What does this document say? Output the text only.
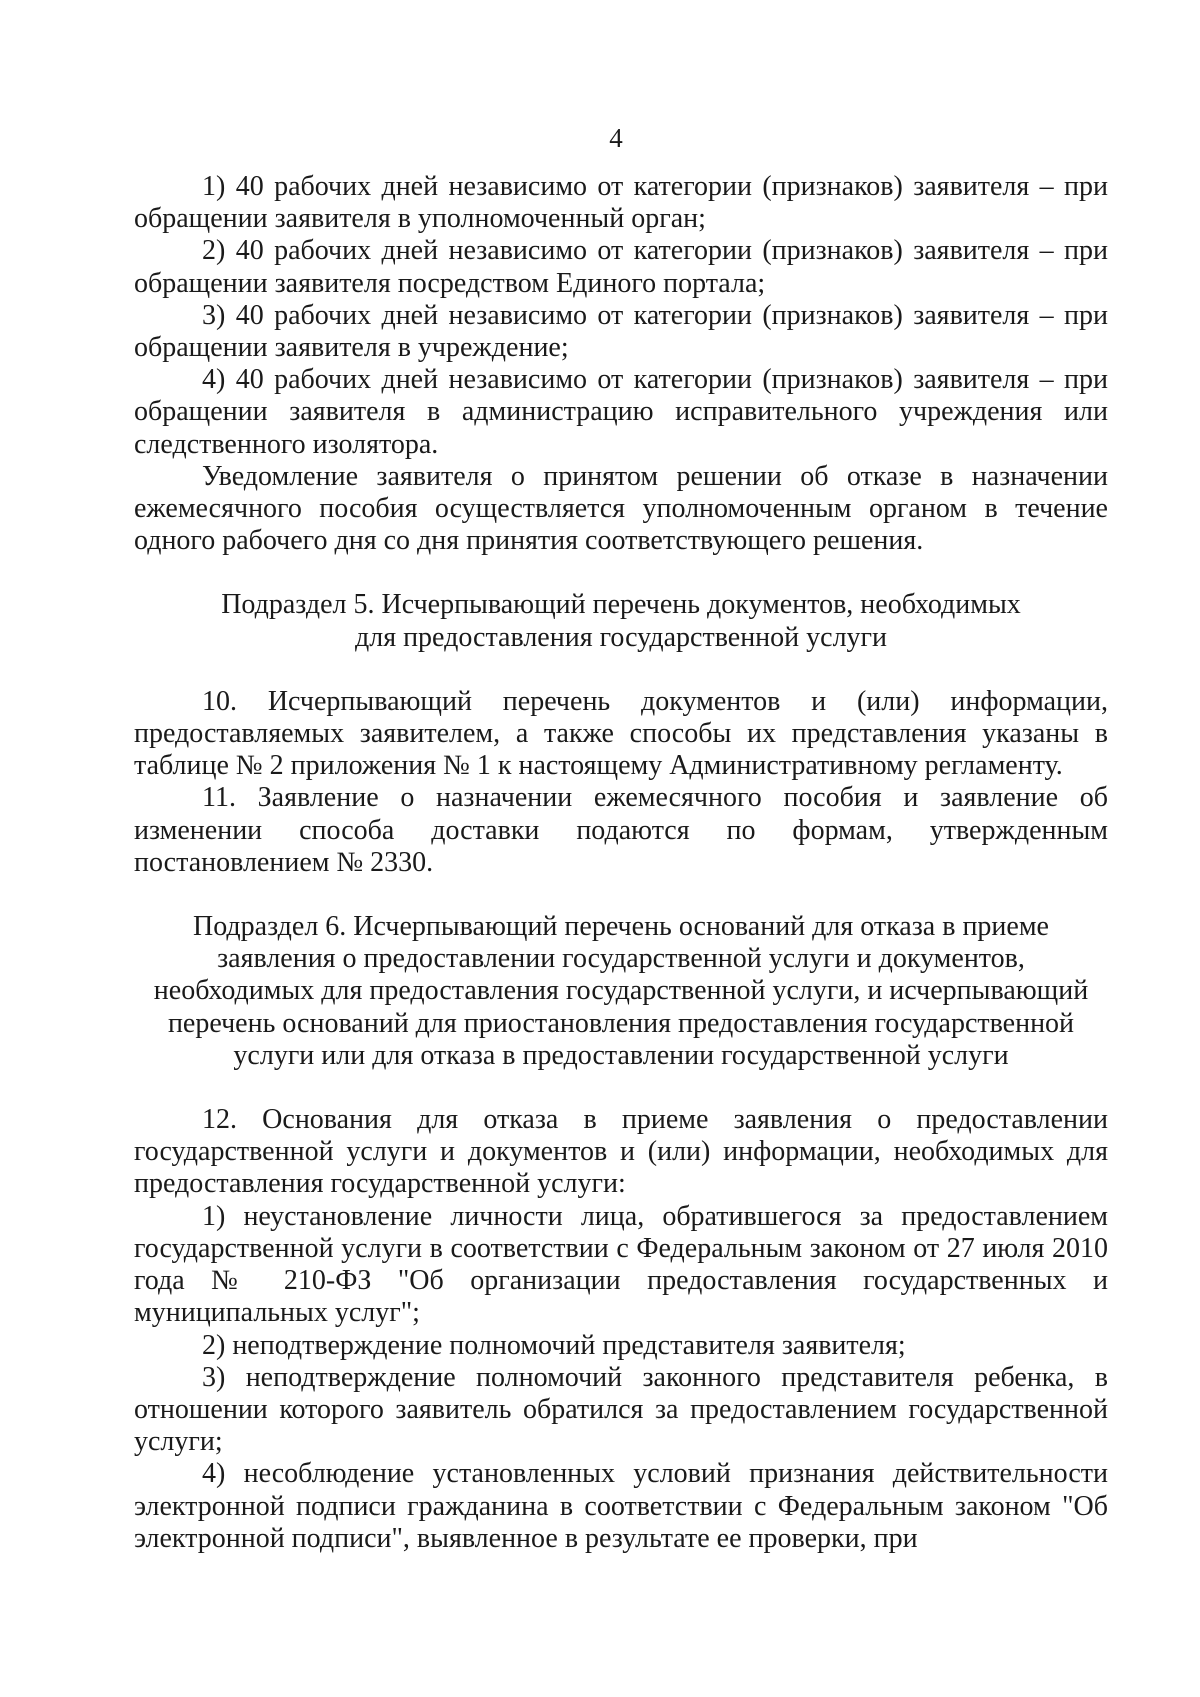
4

1) 40 рабочих дней независимо от категории (признаков) заявителя – при обращении заявителя в уполномоченный орган;

2) 40 рабочих дней независимо от категории (признаков) заявителя – при обращении заявителя посредством Единого портала;

3) 40 рабочих дней независимо от категории (признаков) заявителя – при обращении заявителя в учреждение;

4) 40 рабочих дней независимо от категории (признаков) заявителя – при обращении заявителя в администрацию исправительного учреждения или следственного изолятора.

Уведомление заявителя о принятом решении об отказе в назначении ежемесячного пособия осуществляется уполномоченным органом в течение одного рабочего дня со дня принятия соответствующего решения.

Подраздел 5. Исчерпывающий перечень документов, необходимых
для предоставления государственной услуги

10. Исчерпывающий перечень документов и (или) информации, предоставляемых заявителем, а также способы их представления указаны в таблице № 2 приложения № 1 к настоящему Административному регламенту.

11. Заявление о назначении ежемесячного пособия и заявление об изменении способа доставки подаются по формам, утвержденным постановлением № 2330.

Подраздел 6. Исчерпывающий перечень оснований для отказа в приеме
заявления о предоставлении государственной услуги и документов,
необходимых для предоставления государственной услуги, и исчерпывающий
перечень оснований для приостановления предоставления государственной
услуги или для отказа в предоставлении государственной услуги

12. Основания для отказа в приеме заявления о предоставлении государственной услуги и документов и (или) информации, необходимых для предоставления государственной услуги:

1) неустановление личности лица, обратившегося за предоставлением государственной услуги в соответствии с Федеральным законом от 27 июля 2010 года № 210-ФЗ "Об организации предоставления государственных и муниципальных услуг";

2) неподтверждение полномочий представителя заявителя;

3) неподтверждение полномочий законного представителя ребенка, в отношении которого заявитель обратился за предоставлением государственной услуги;

4) несоблюдение установленных условий признания действительности электронной подписи гражданина в соответствии с Федеральным законом "Об электронной подписи", выявленное в результате ее проверки, при
